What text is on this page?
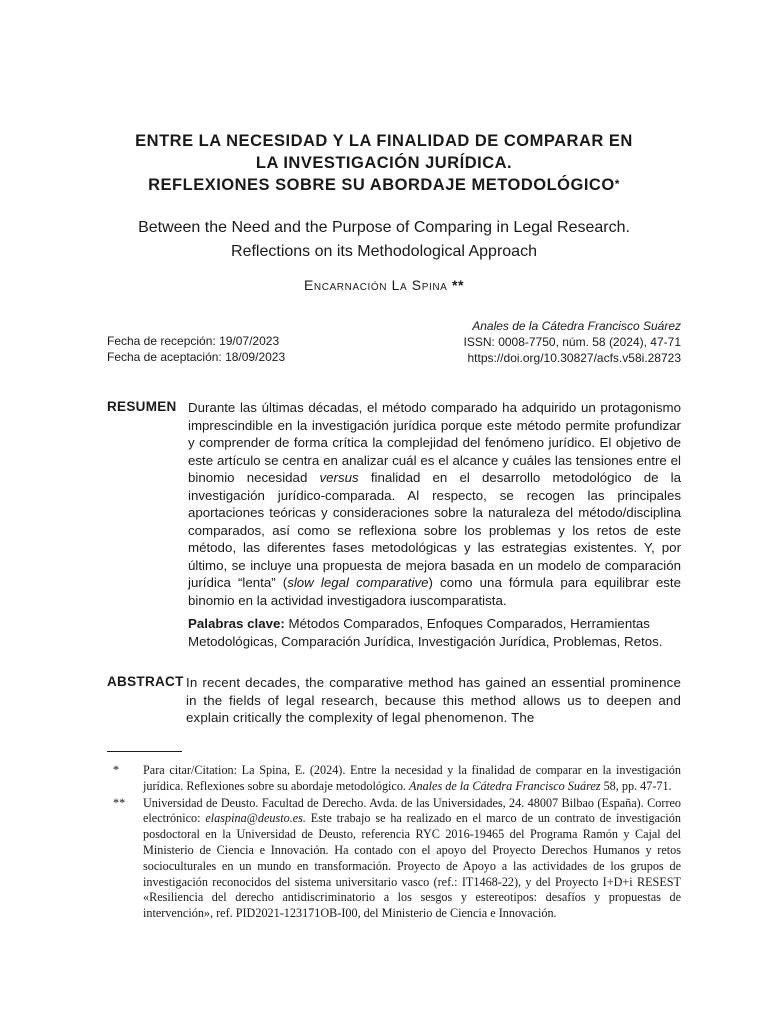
ENTRE LA NECESIDAD Y LA FINALIDAD DE COMPARAR EN
LA INVESTIGACIÓN JURÍDICA.
REFLEXIONES SOBRE SU ABORDAJE METODOLÓGICO*
Between the Need and the Purpose of Comparing in Legal Research.
Reflections on its Methodological Approach
Encarnación La Spina **
Fecha de recepción: 19/07/2023
Fecha de aceptación: 18/09/2023
Anales de la Cátedra Francisco Suárez
ISSN: 0008-7750, núm. 58 (2024), 47-71
https://doi.org/10.30827/acfs.v58i.28723
RESUMEN Durante las últimas décadas, el método comparado ha adquirido un protagonismo imprescindible en la investigación jurídica porque este método permite profundizar y comprender de forma crítica la complejidad del fenómeno jurídico. El objetivo de este artículo se centra en analizar cuál es el alcance y cuáles las tensiones entre el binomio necesidad versus finalidad en el desarrollo metodológico de la investigación jurídico-comparada. Al respecto, se recogen las principales aportaciones teóricas y consideraciones sobre la naturaleza del método/disciplina comparados, así como se reflexiona sobre los problemas y los retos de este método, las diferentes fases metodológicas y las estrategias existentes. Y, por último, se incluye una propuesta de mejora basada en un modelo de comparación jurídica “lenta” (slow legal comparative) como una fórmula para equilibrar este binomio en la actividad investigadora iuscomparatista.
Palabras clave: Métodos Comparados, Enfoques Comparados, Herramientas Metodológicas, Comparación Jurídica, Investigación Jurídica, Problemas, Retos.
ABSTRACT In recent decades, the comparative method has gained an essential prominence in the fields of legal research, because this method allows us to deepen and explain critically the complexity of legal phenomenon. The
* Para citar/Citation: La Spina, E. (2024). Entre la necesidad y la finalidad de comparar en la investigación jurídica. Reflexiones sobre su abordaje metodológico. Anales de la Cátedra Francisco Suárez 58, pp. 47-71.
** Universidad de Deusto. Facultad de Derecho. Avda. de las Universidades, 24. 48007 Bilbao (España). Correo electrónico: elaspina@deusto.es. Este trabajo se ha realizado en el marco de un contrato de investigación posdoctoral en la Universidad de Deusto, referencia RYC 2016-19465 del Programa Ramón y Cajal del Ministerio de Ciencia e Innovación. Ha contado con el apoyo del Proyecto Derechos Humanos y retos socioculturales en un mundo en transformación. Proyecto de Apoyo a las actividades de los grupos de investigación reconocidos del sistema universitario vasco (ref.: IT1468-22), y del Proyecto I+D+i RESEST «Resiliencia del derecho antidiscriminatorio a los sesgos y estereotipos: desafíos y propuestas de intervención», ref. PID2021-123171OB-I00, del Ministerio de Ciencia e Innovación.
